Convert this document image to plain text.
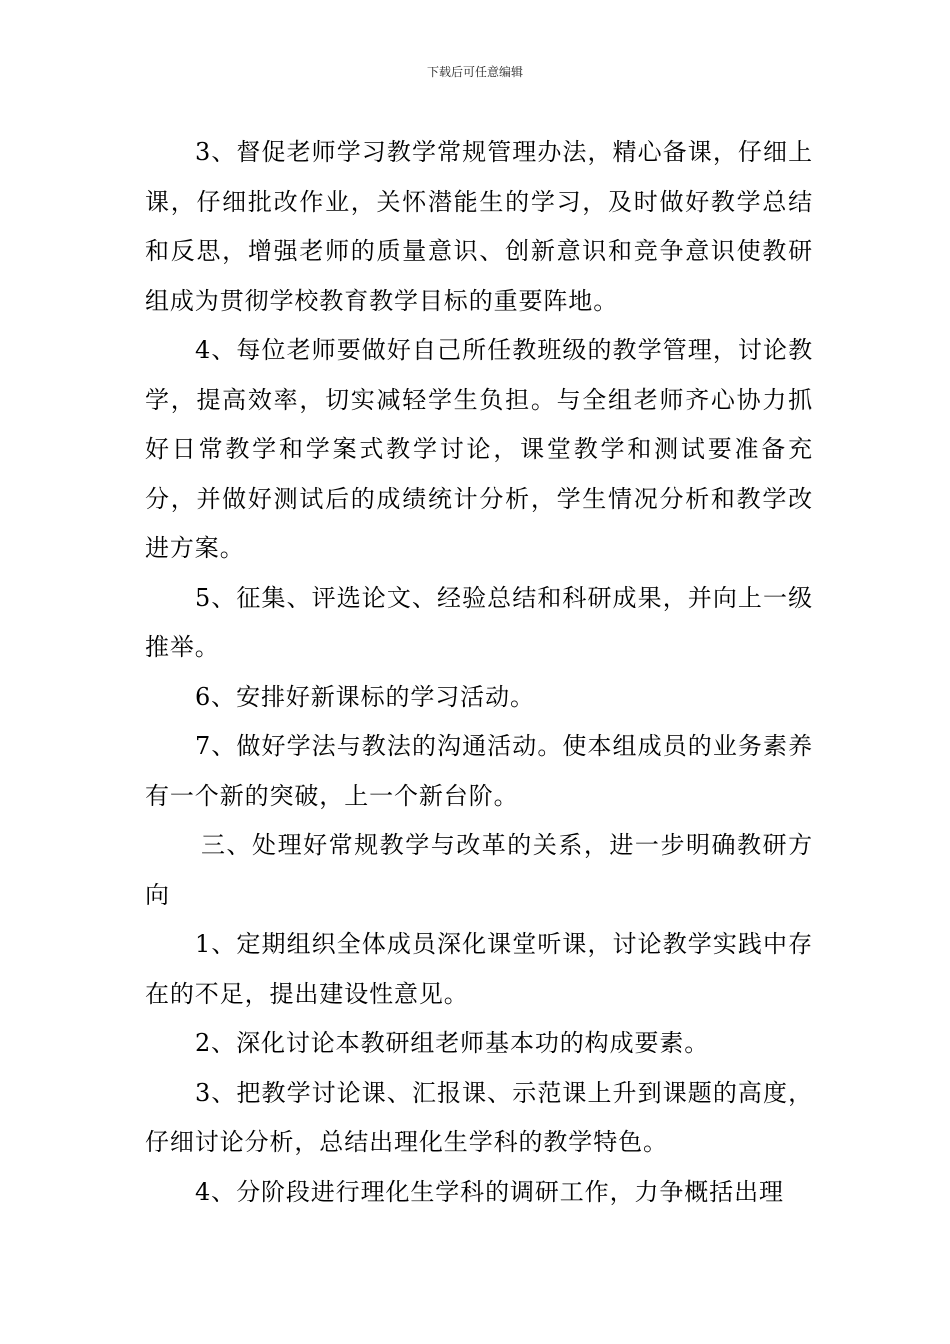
下载后可任意编辑

3、督促老师学习教学常规管理办法，精心备课，仔细上课，仔细批改作业，关怀潜能生的学习，及时做好教学总结和反思，增强老师的质量意识、创新意识和竞争意识使教研组成为贯彻学校教育教学目标的重要阵地。

4、每位老师要做好自己所任教班级的教学管理，讨论教学，提高效率，切实减轻学生负担。与全组老师齐心协力抓好日常教学和学案式教学讨论，课堂教学和测试要准备充分，并做好测试后的成绩统计分析，学生情况分析和教学改进方案。

5、征集、评选论文、经验总结和科研成果，并向上一级推举。

6、安排好新课标的学习活动。

7、做好学法与教法的沟通活动。使本组成员的业务素养有一个新的突破，上一个新台阶。

三、处理好常规教学与改革的关系，进一步明确教研方向

1、定期组织全体成员深化课堂听课，讨论教学实践中存在的不足，提出建设性意见。

2、深化讨论本教研组老师基本功的构成要素。

3、把教学讨论课、汇报课、示范课上升到课题的高度，仔细讨论分析，总结出理化生学科的教学特色。

4、分阶段进行理化生学科的调研工作，力争概括出理
